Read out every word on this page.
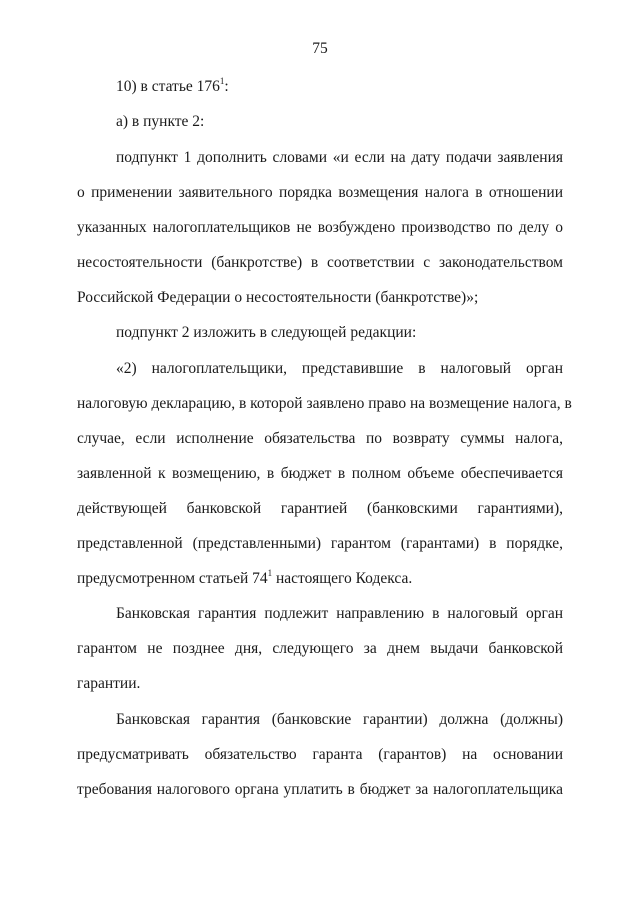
75
10) в статье $176^1$:
а) в пункте 2:
подпункт 1 дополнить словами «и если на дату подачи заявления
о применении заявительного порядка возмещения налога в отношении
указанных налогоплательщиков не возбуждено производство по делу о
несостоятельности (банкротстве) в соответствии с законодательством
Российской Федерации о несостоятельности (банкротстве)»;
подпункт 2 изложить в следующей редакции:
«2) налогоплательщики, представившие в налоговый орган
налоговую декларацию, в которой заявлено право на возмещение налога, в
случае, если исполнение обязательства по возврату суммы налога,
заявленной к возмещению, в бюджет в полном объеме обеспечивается
действующей банковской гарантией (банковскими гарантиями),
представленной (представленными) гарантом (гарантами) в порядке,
предусмотренном статьей $74^1$ настоящего Кодекса.
Банковская гарантия подлежит направлению в налоговый орган
гарантом не позднее дня, следующего за днем выдачи банковской
гарантии.
Банковская гарантия (банковские гарантии) должна (должны)
предусматривать обязательство гаранта (гарантов) на основании
требования налогового органа уплатить в бюджет за налогоплательщика
